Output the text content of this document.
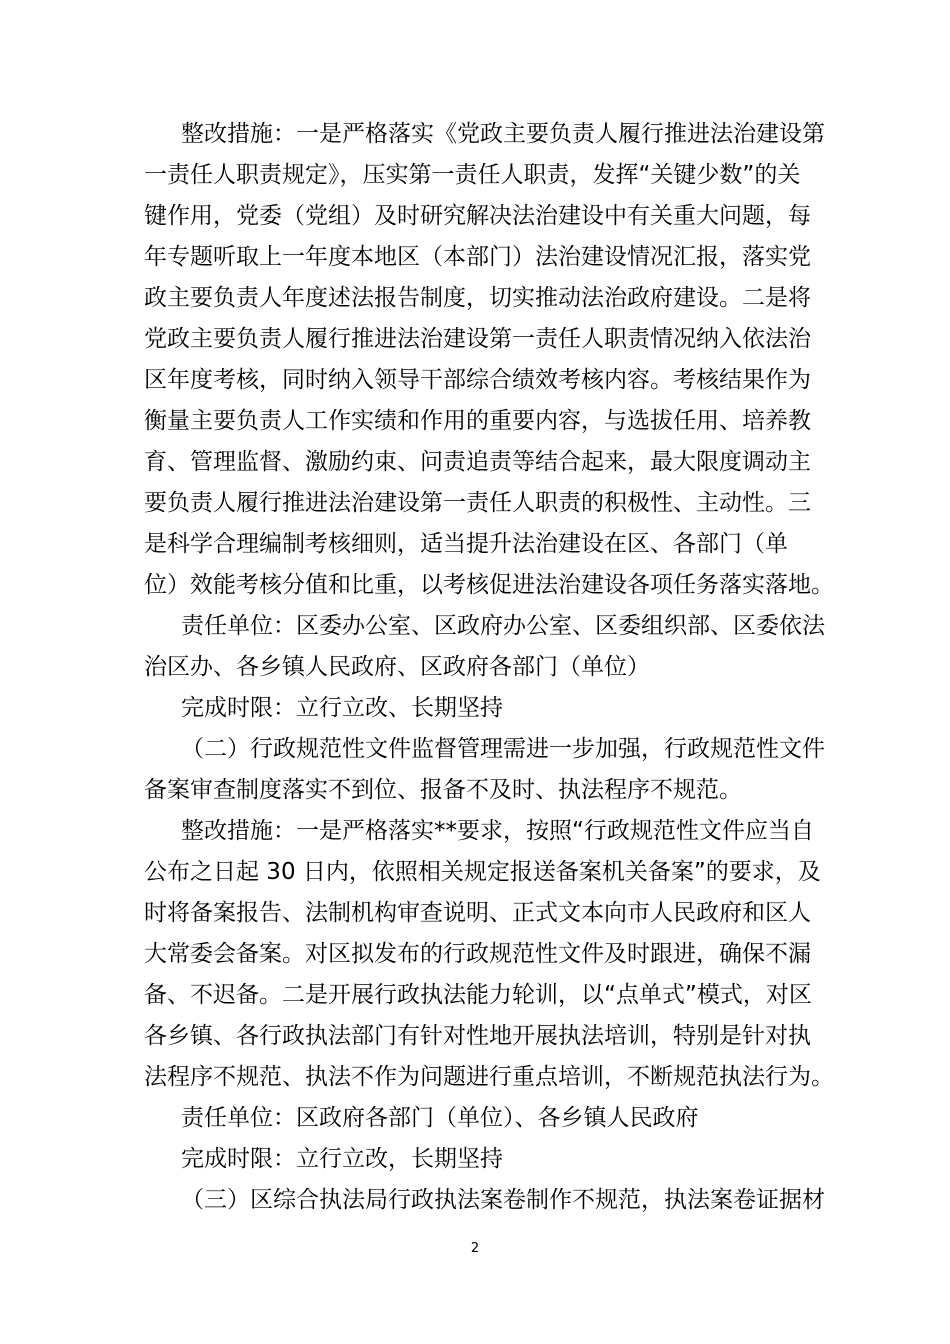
整改措施：一是严格落实《党政主要负责人履行推进法治建设第
一责任人职责规定》，压实第一责任人职责，发挥“关键少数”的关
键作用，党委（党组）及时研究解决法治建设中有关重大问题，每
年专题听取上一年度本地区（本部门）法治建设情况汇报，落实党
政主要负责人年度述法报告制度，切实推动法治政府建设。二是将
党政主要负责人履行推进法治建设第一责任人职责情况纳入依法治
区年度考核，同时纳入领导干部综合绩效考核内容。考核结果作为
衡量主要负责人工作实绩和作用的重要内容，与选拔任用、培养教
育、管理监督、激励约束、问责追责等结合起来，最大限度调动主
要负责人履行推进法治建设第一责任人职责的积极性、主动性。三
是科学合理编制考核细则，适当提升法治建设在区、各部门（单
位）效能考核分值和比重，以考核促进法治建设各项任务落实落地。
责任单位：区委办公室、区政府办公室、区委组织部、区委依法
治区办、各乡镇人民政府、区政府各部门（单位）
完成时限：立行立改、长期坚持
（二）行政规范性文件监督管理需进一步加强，行政规范性文件
备案审查制度落实不到位、报备不及时、执法程序不规范。
整改措施：一是严格落实**要求，按照“行政规范性文件应当自
公布之日起 30 日内，依照相关规定报送备案机关备案”的要求，及
时将备案报告、法制机构审查说明、正式文本向市人民政府和区人
大常委会备案。对区拟发布的行政规范性文件及时跟进，确保不漏
备、不迟备。二是开展行政执法能力轮训，以“点单式”模式，对区
各乡镇、各行政执法部门有针对性地开展执法培训，特别是针对执
法程序不规范、执法不作为问题进行重点培训，不断规范执法行为。
责任单位：区政府各部门（单位）、各乡镇人民政府
完成时限：立行立改，长期坚持
（三）区综合执法局行政执法案卷制作不规范，执法案卷证据材
2
